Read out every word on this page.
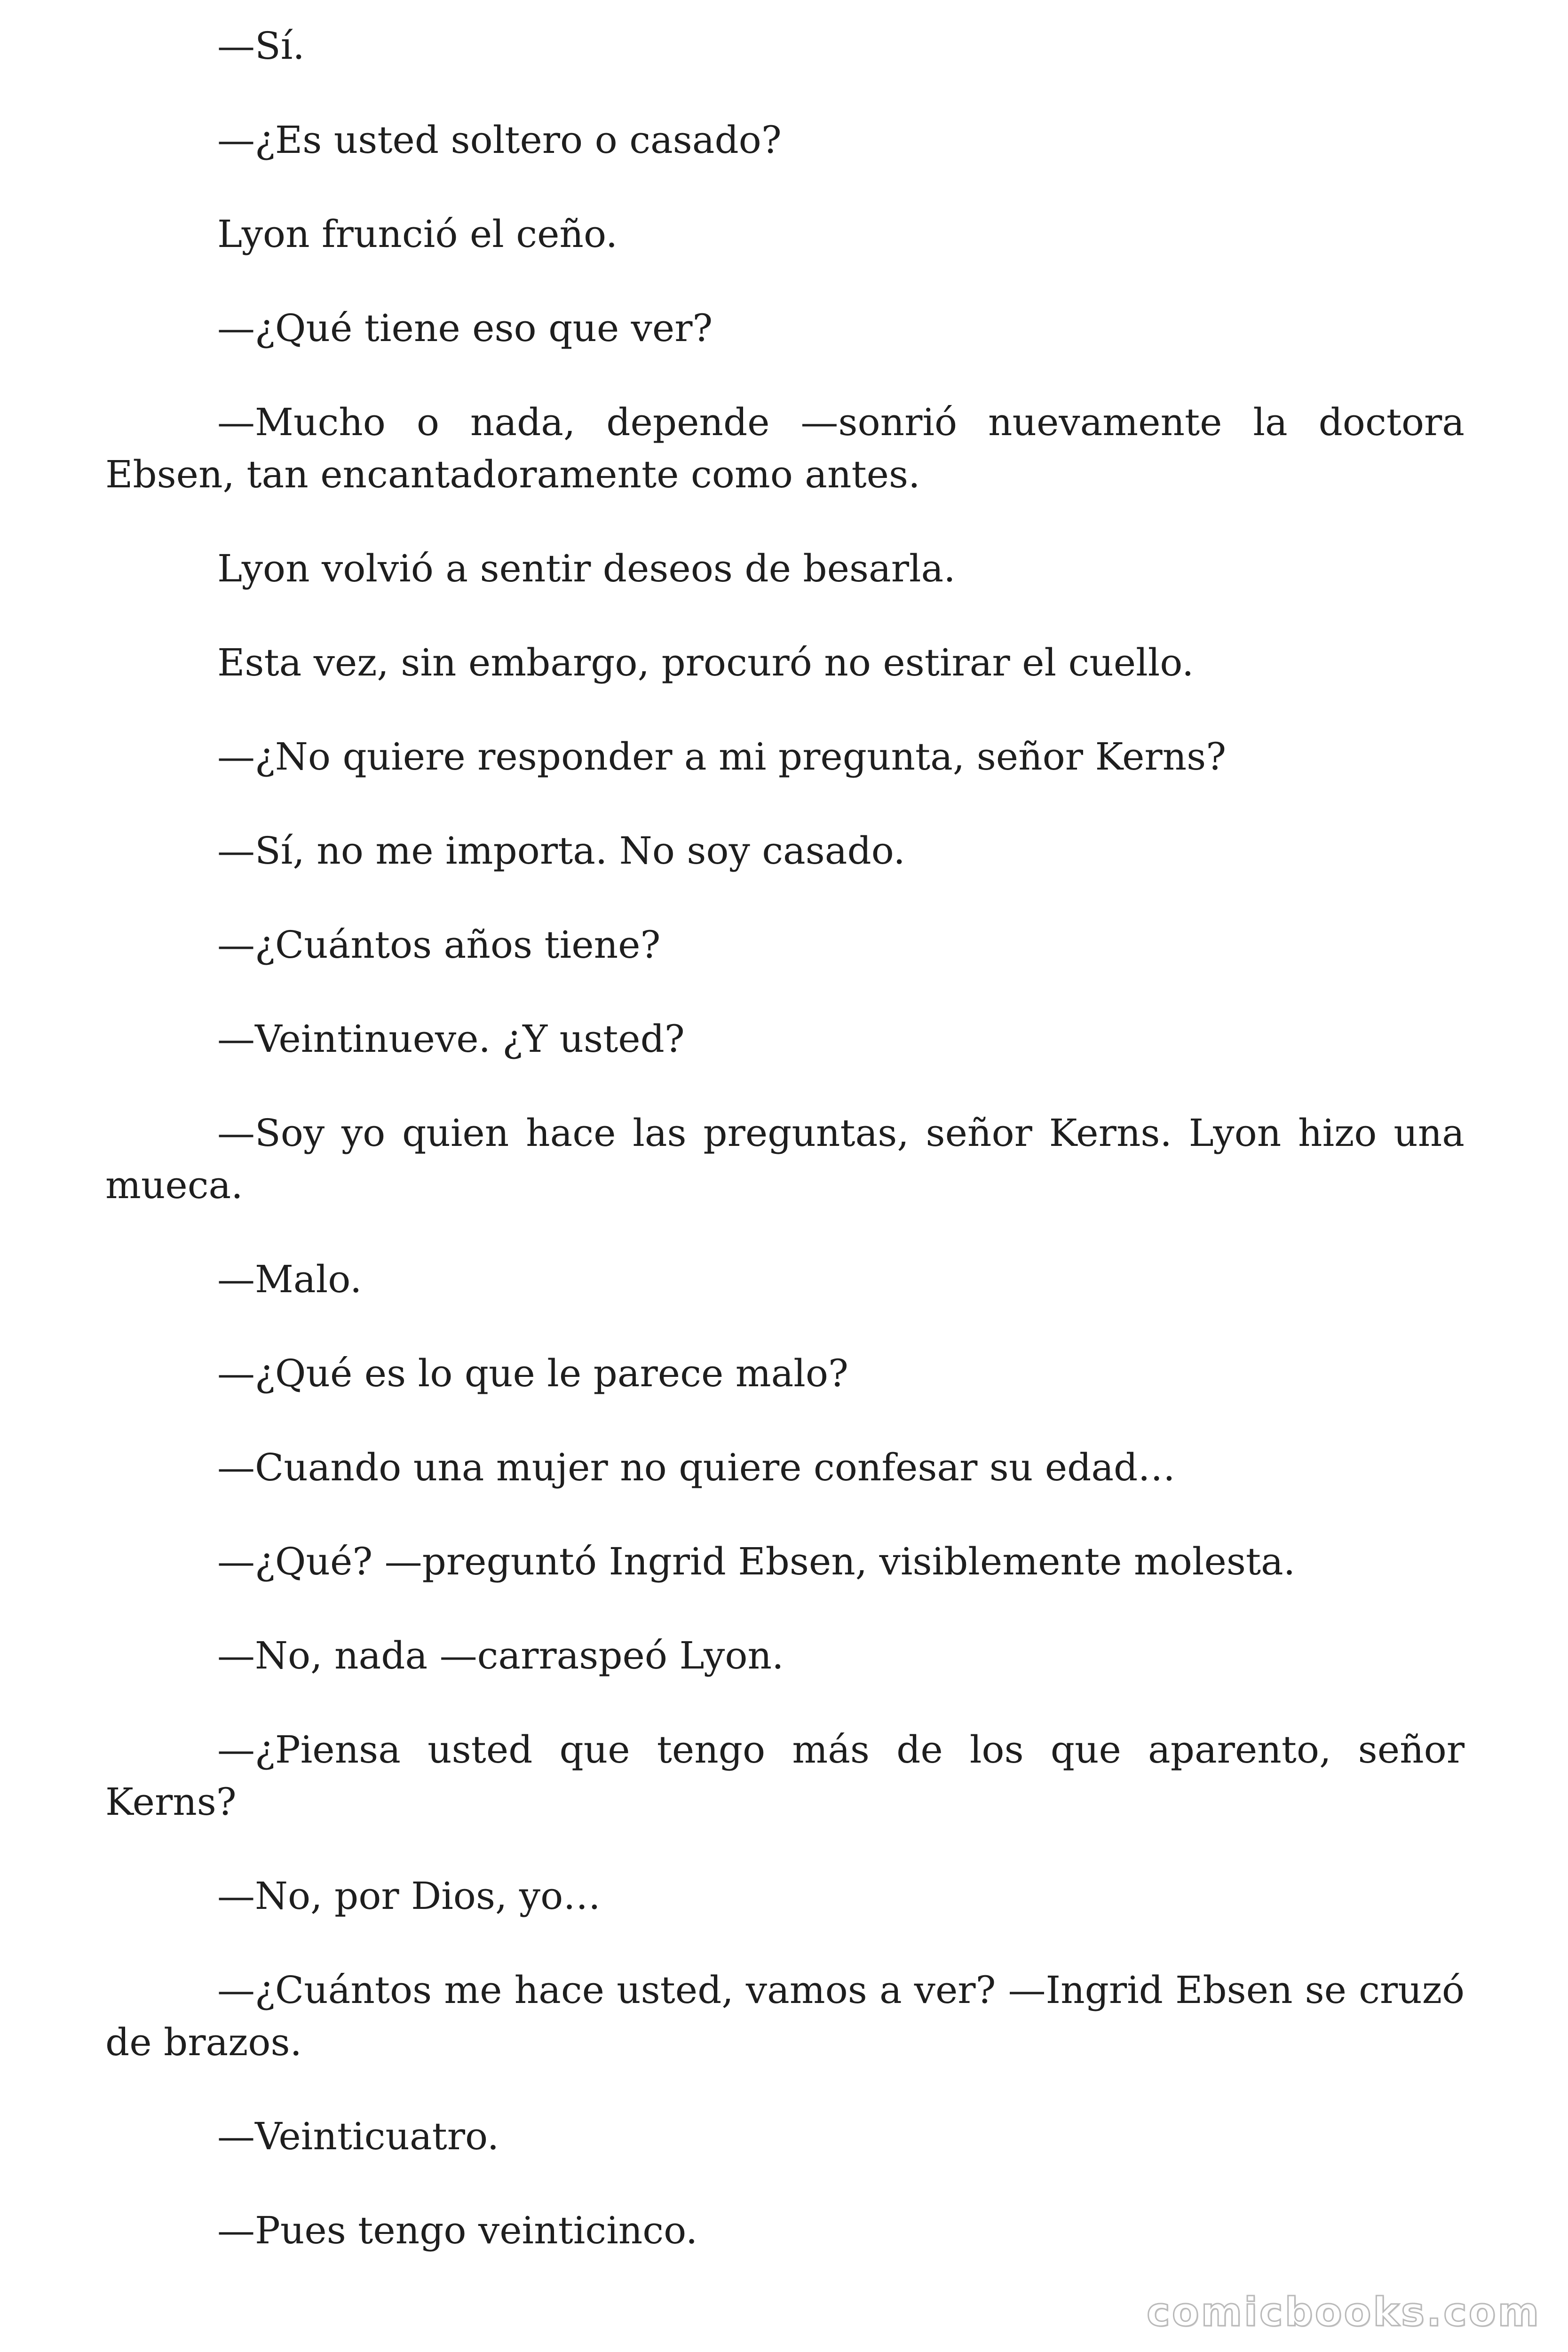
—Sí.

—¿Es usted soltero o casado?

Lyon frunció el ceño.

—¿Qué tiene eso que ver?

—Mucho o nada, depende —sonrió nuevamente la doctora Ebsen, tan encantadoramente como antes.

Lyon volvió a sentir deseos de besarla.

Esta vez, sin embargo, procuró no estirar el cuello.

—¿No quiere responder a mi pregunta, señor Kerns?

—Sí, no me importa. No soy casado.

—¿Cuántos años tiene?

—Veintinueve. ¿Y usted?

—Soy yo quien hace las preguntas, señor Kerns. Lyon hizo una mueca.

—Malo.

—¿Qué es lo que le parece malo?

—Cuando una mujer no quiere confesar su edad…

—¿Qué? —preguntó Ingrid Ebsen, visiblemente molesta.

—No, nada —carraspeó Lyon.

—¿Piensa usted que tengo más de los que aparento, señor Kerns?

—No, por Dios, yo…

—¿Cuántos me hace usted, vamos a ver? —Ingrid Ebsen se cruzó de brazos.

—Veinticuatro.

—Pues tengo veinticinco.

comicbooks.com
